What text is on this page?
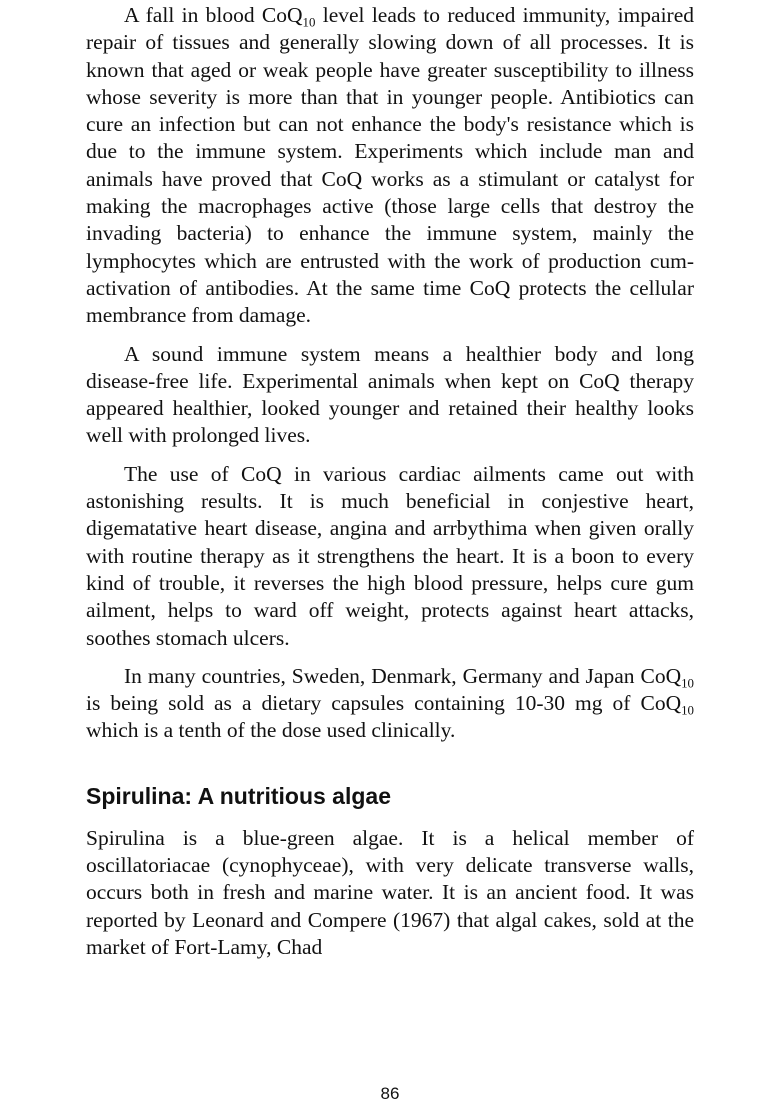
A fall in blood CoQ$_{10}$ level leads to reduced immunity, impaired repair of tissues and generally slowing down of all processes. It is known that aged or weak people have greater susceptibility to illness whose severity is more than that in younger people. Antibiotics can cure an infection but can not enhance the body's resistance which is due to the immune system. Experiments which include man and animals have proved that CoQ works as a stimulant or catalyst for making the macrophages active (those large cells that destroy the invading bacteria) to enhance the immune system, mainly the lymphocytes which are entrusted with the work of production cum-activation of antibodies. At the same time CoQ protects the cellular membrance from damage.

A sound immune system means a healthier body and long disease-free life. Experimental animals when kept on CoQ therapy appeared healthier, looked younger and retained their healthy looks well with prolonged lives.

The use of CoQ in various cardiac ailments came out with astonishing results. It is much beneficial in conjestive heart, digematative heart disease, angina and arrbythima when given orally with routine therapy as it strengthens the heart. It is a boon to every kind of trouble, it reverses the high blood pressure, helps cure gum ailment, helps to ward off weight, protects against heart attacks, soothes stomach ulcers.

In many countries, Sweden, Denmark, Germany and Japan CoQ$_{10}$ is being sold as a dietary capsules containing 10-30 mg of CoQ$_{10}$ which is a tenth of the dose used clinically.

Spirulina: A nutritious algae

Spirulina is a blue-green algae. It is a helical member of oscillatoriacae (cynophyceae), with very delicate transverse walls, occurs both in fresh and marine water. It is an ancient food. It was reported by Leonard and Compere (1967) that algal cakes, sold at the market of Fort-Lamy, Chad

86
